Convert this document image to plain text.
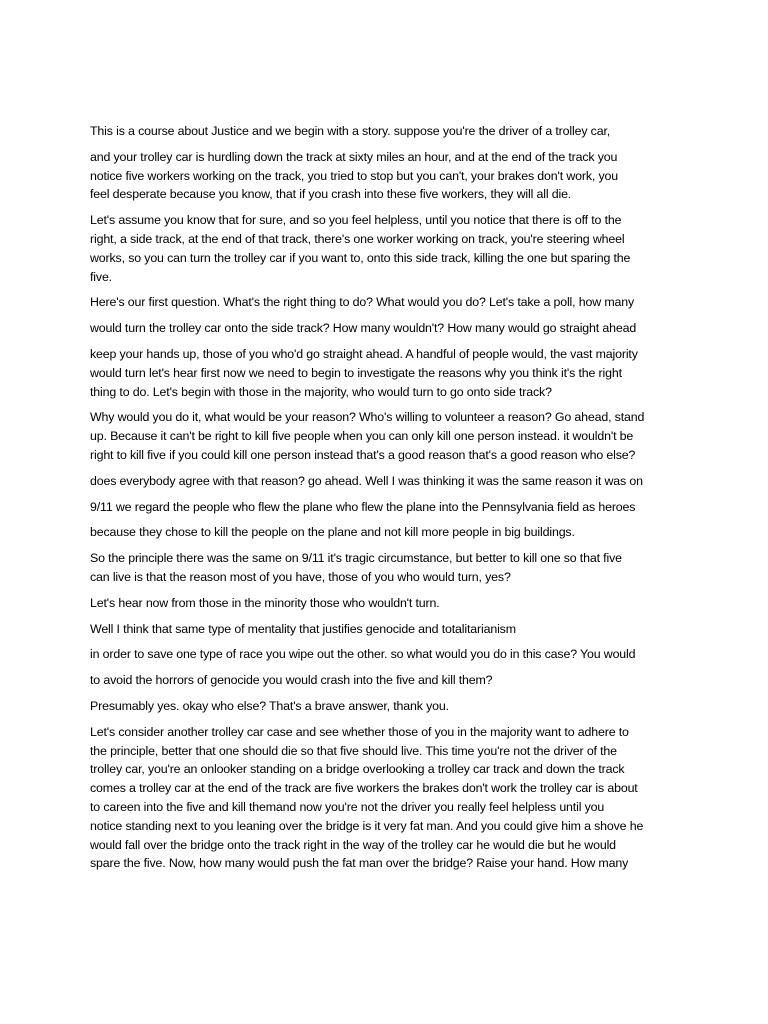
This is a course about Justice and we begin with a story. suppose you're the driver of a trolley car,

and your trolley car is hurdling down the track at sixty miles an hour, and at the end of the track you
notice five workers working on the track, you tried to stop but you can't, your brakes don't work, you
feel desperate because you know, that if you crash into these five workers, they will all die.

Let's assume you know that for sure, and so you feel helpless, until you notice that there is off to the
right, a side track, at the end of that track, there's one worker working on track, you're steering wheel
works, so you can turn the trolley car if you want to, onto this side track, killing the one but sparing the
five.

Here's our first question. What's the right thing to do? What would you do? Let's take a poll, how many

would turn the trolley car onto the side track? How many wouldn't? How many would go straight ahead

keep your hands up, those of you who'd go straight ahead. A handful of people would, the vast majority
would turn let's hear first now we need to begin to investigate the reasons why you think it's the right
thing to do. Let's begin with those in the majority, who would turn to go onto side track?

Why would you do it, what would be your reason? Who's willing to volunteer a reason? Go ahead, stand
up. Because it can't be right to kill five people when you can only kill one person instead. it wouldn't be
right to kill five if you could kill one person instead that's a good reason that's a good reason who else?

does everybody agree with that reason? go ahead. Well I was thinking it was the same reason it was on

9/11 we regard the people who flew the plane who flew the plane into the Pennsylvania field as heroes

because they chose to kill the people on the plane and not kill more people in big buildings.

So the principle there was the same on 9/11 it's tragic circumstance, but better to kill one so that five
can live is that the reason most of you have, those of you who would turn, yes?

Let's hear now from those in the minority those who wouldn't turn.

Well I think that same type of mentality that justifies genocide and totalitarianism

in order to save one type of race you wipe out the other. so what would you do in this case? You would

to avoid the horrors of genocide you would crash into the five and kill them?

Presumably yes. okay who else? That's a brave answer, thank you.

Let's consider another trolley car case and see whether those of you in the majority want to adhere to
the principle, better that one should die so that five should live. This time you're not the driver of the
trolley car, you're an onlooker standing on a bridge overlooking a trolley car track and down the track
comes a trolley car at the end of the track are five workers the brakes don't work the trolley car is about
to careen into the five and kill themand now you're not the driver you really feel helpless until you
notice standing next to you leaning over the bridge is it very fat man. And you could give him a shove he
would fall over the bridge onto the track right in the way of the trolley car he would die but he would
spare the five. Now, how many would push the fat man over the bridge? Raise your hand. How many
